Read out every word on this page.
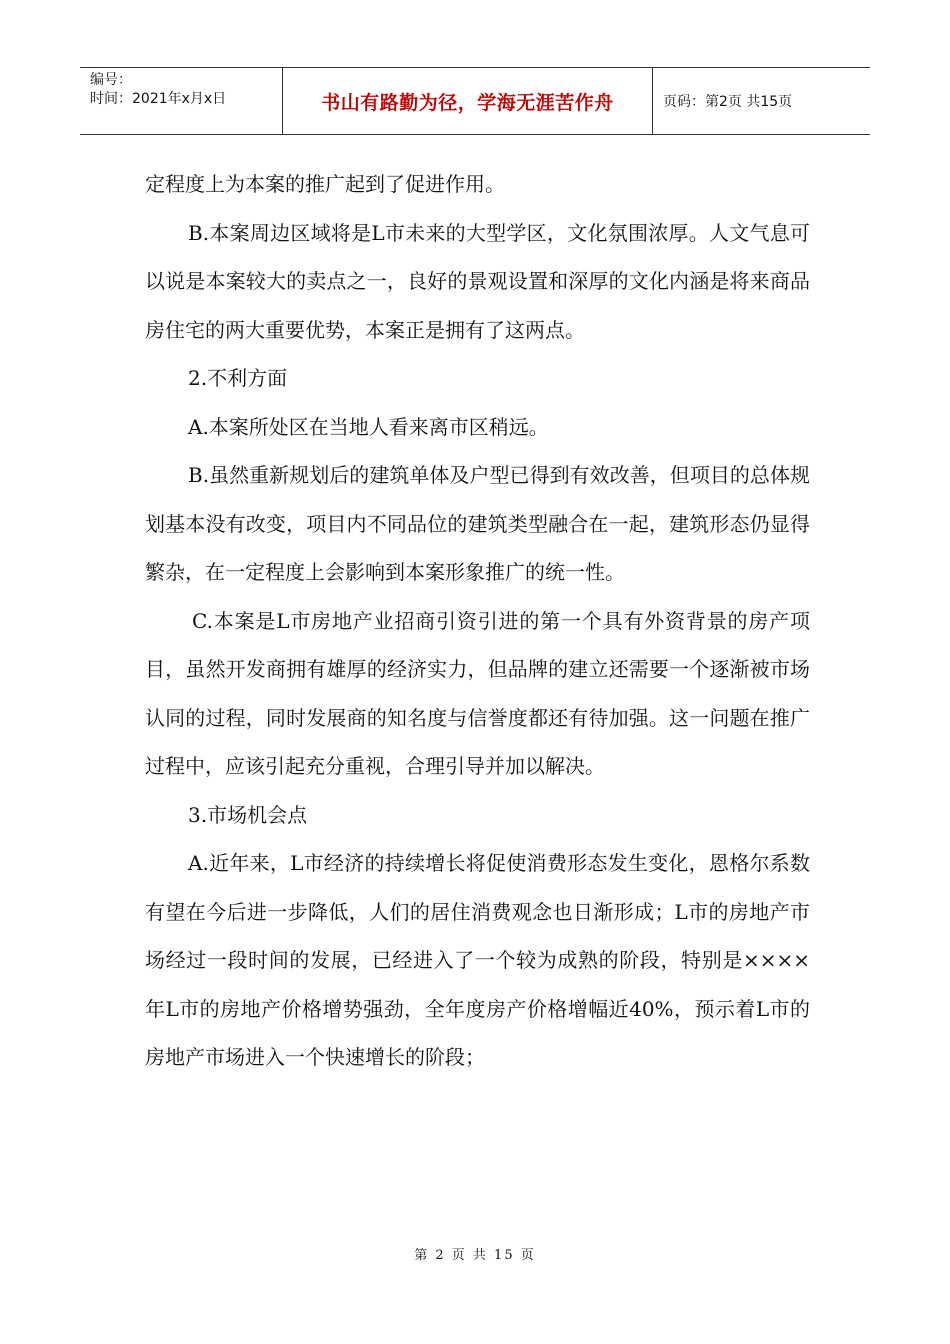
编号：
时间：2021年x月x日	书山有路勤为径，学海无涯苦作舟	页码：第2页 共15页

定程度上为本案的推广起到了促进作用。

B.本案周边区域将是L市未来的大型学区，文化氛围浓厚。人文气息可以说是本案较大的卖点之一，良好的景观设置和深厚的文化内涵是将来商品房住宅的两大重要优势，本案正是拥有了这两点。

2.不利方面

A.本案所处区在当地人看来离市区稍远。

B.虽然重新规划后的建筑单体及户型已得到有效改善，但项目的总体规划基本没有改变，项目内不同品位的建筑类型融合在一起，建筑形态仍显得繁杂，在一定程度上会影响到本案形象推广的统一性。

C.本案是L市房地产业招商引资引进的第一个具有外资背景的房产项目，虽然开发商拥有雄厚的经济实力，但品牌的建立还需要一个逐渐被市场认同的过程，同时发展商的知名度与信誉度都还有待加强。这一问题在推广过程中，应该引起充分重视，合理引导并加以解决。

3.市场机会点

A.近年来，L市经济的持续增长将促使消费形态发生变化，恩格尔系数有望在今后进一步降低，人们的居住消费观念也日渐形成；L市的房地产市场经过一段时间的发展，已经进入了一个较为成熟的阶段，特别是××××年L市的房地产价格增势强劲，全年度房产价格增幅近40%，预示着L市的房地产市场进入一个快速增长的阶段；

第 2 页 共 15 页
